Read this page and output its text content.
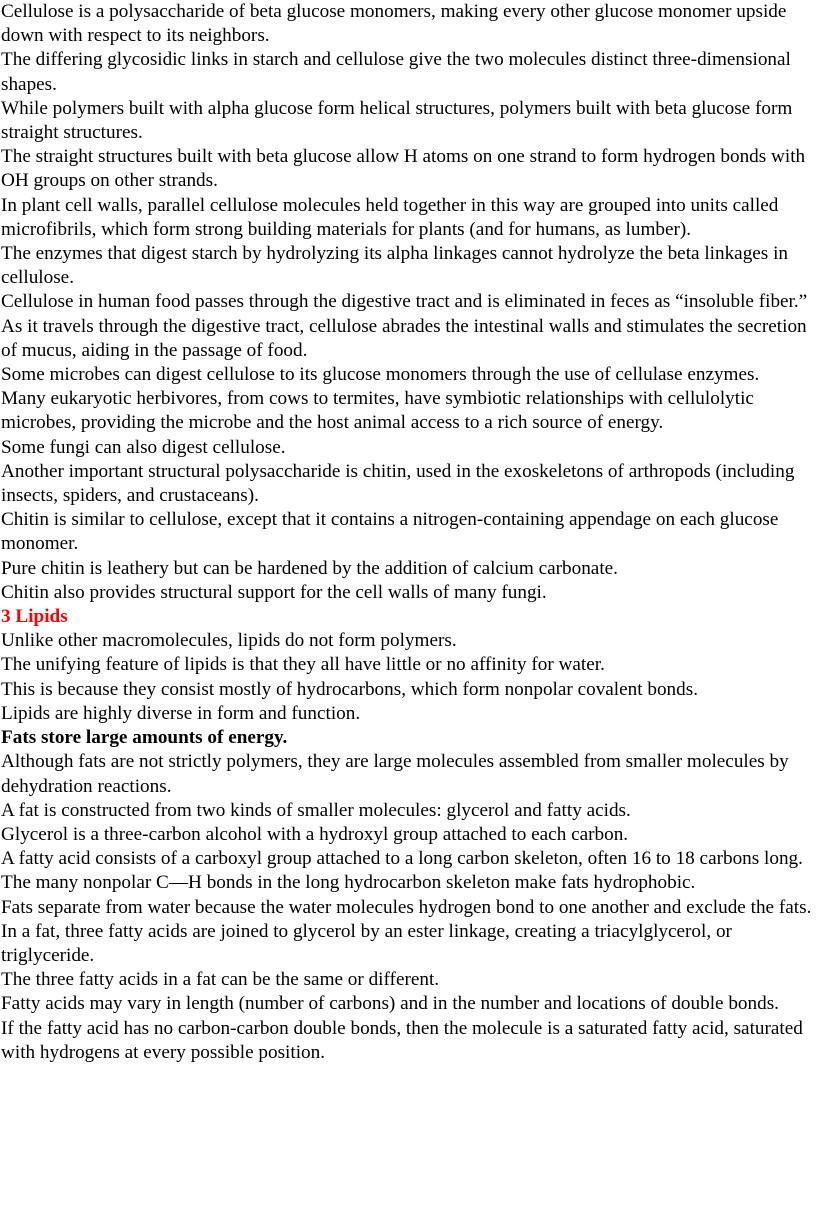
Cellulose is a polysaccharide of beta glucose monomers, making every other glucose monomer upside down with respect to its neighbors.

The differing glycosidic links in starch and cellulose give the two molecules distinct three-dimensional shapes.

While polymers built with alpha glucose form helical structures, polymers built with beta glucose form straight structures.

The straight structures built with beta glucose allow H atoms on one strand to form hydrogen bonds with OH groups on other strands.

In plant cell walls, parallel cellulose molecules held together in this way are grouped into units called microfibrils, which form strong building materials for plants (and for humans, as lumber).

The enzymes that digest starch by hydrolyzing its alpha linkages cannot hydrolyze the beta linkages in cellulose.

Cellulose in human food passes through the digestive tract and is eliminated in feces as “insoluble fiber.”

As it travels through the digestive tract, cellulose abrades the intestinal walls and stimulates the secretion of mucus, aiding in the passage of food.

Some microbes can digest cellulose to its glucose monomers through the use of cellulase enzymes.

Many eukaryotic herbivores, from cows to termites, have symbiotic relationships with cellulolytic microbes, providing the microbe and the host animal access to a rich source of energy.

Some fungi can also digest cellulose.

Another important structural polysaccharide is chitin, used in the exoskeletons of arthropods (including insects, spiders, and crustaceans).

Chitin is similar to cellulose, except that it contains a nitrogen-containing appendage on each glucose monomer.

Pure chitin is leathery but can be hardened by the addition of calcium carbonate.

Chitin also provides structural support for the cell walls of many fungi.

3 Lipids

Unlike other macromolecules, lipids do not form polymers.

The unifying feature of lipids is that they all have little or no affinity for water.

This is because they consist mostly of hydrocarbons, which form nonpolar covalent bonds.

Lipids are highly diverse in form and function.

Fats store large amounts of energy.

Although fats are not strictly polymers, they are large molecules assembled from smaller molecules by dehydration reactions.

A fat is constructed from two kinds of smaller molecules: glycerol and fatty acids.

Glycerol is a three-carbon alcohol with a hydroxyl group attached to each carbon.

A fatty acid consists of a carboxyl group attached to a long carbon skeleton, often 16 to 18 carbons long.

The many nonpolar C—H bonds in the long hydrocarbon skeleton make fats hydrophobic.

Fats separate from water because the water molecules hydrogen bond to one another and exclude the fats.

In a fat, three fatty acids are joined to glycerol by an ester linkage, creating a triacylglycerol, or triglyceride.

The three fatty acids in a fat can be the same or different.

Fatty acids may vary in length (number of carbons) and in the number and locations of double bonds.

If the fatty acid has no carbon-carbon double bonds, then the molecule is a saturated fatty acid, saturated with hydrogens at every possible position.
